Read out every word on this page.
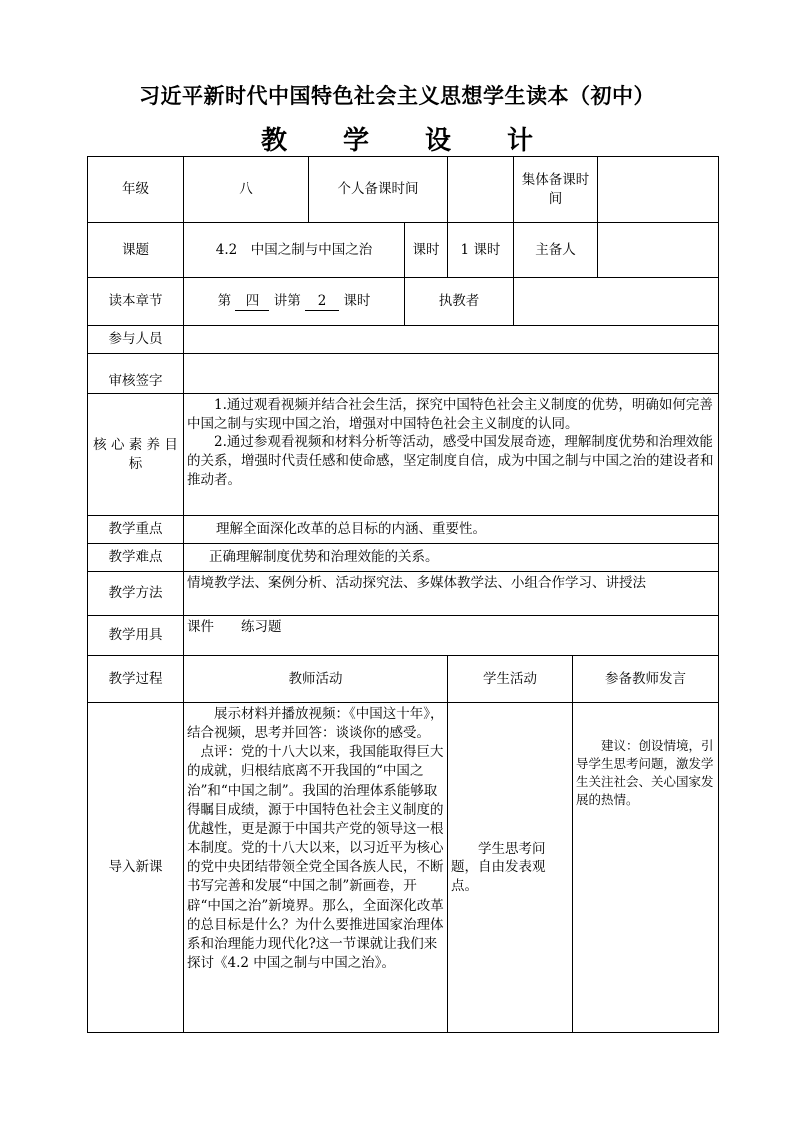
习近平新时代中国特色社会主义思想学生读本（初中）
教 学 设 计
年级	八	个人备课时间			集体备课时间		
课题	4.2　中国之制与中国之治		课时	1 课时	主备人		
读本章节	第 四 讲第 2 课时		执教者				
参与人员							
审核签字							
核 心 素 养 目标	1.通过观看视频并结合社会生活，探究中国特色社会主义制度的优势，明确如何完善中国之制与实现中国之治，增强对中国特色社会主义制度的认同。

2.通过参观看视频和材料分析等活动，感受中国发展奇迹，理解制度优势和治理效能的关系，增强时代责任感和使命感，坚定制度自信，成为中国之制与中国之治的建设者和推动者。						

教学重点	理解全面深化改革的总目标的内涵、重要性。						
教学难点	正确理解制度优势和治理效能的关系。						
教学方法	情境教学法、案例分析、活动探究法、多媒体教学法、小组合作学习、讲授法						
教学用具	课件　　练习题						
教学过程	教师活动			学生活动		参备教师发言	
导入新课	展示材料并播放视频：《中国这十年》，结合视频，思考并回答：谈谈你的感受。

点评：党的十八大以来，我国能取得巨大的成就，归根结底离不开我国的“中国之治”和“中国之制”。我国的治理体系能够取得瞩目成绩，源于中国特色社会主义制度的优越性，更是源于中国共产党的领导这一根本制度。党的十八大以来，以习近平为核心的党中央团结带领全党全国各族人民，不断书写完善和发展“中国之制”新画卷，开辟“中国之治”新境界。那么，全面深化改革的总目标是什么？为什么要推进国家治理体系和治理能力现代化?这一节课就让我们来探讨《4.2 中国之制与中国之治》。			学生思考问题，自由发表观点。		建议：创设情境，引导学生思考问题，激发学生关注社会、关心国家发展的热情。	
